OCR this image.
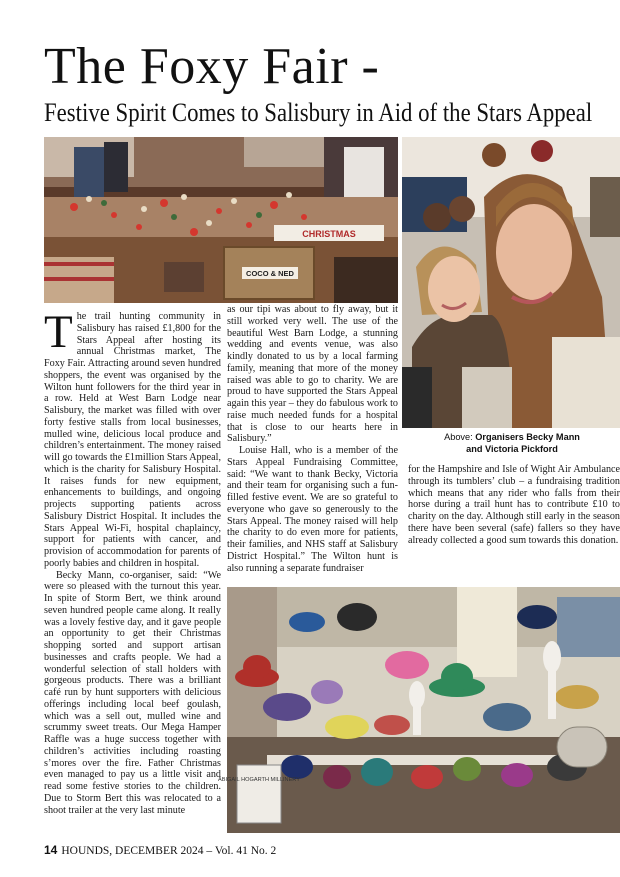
The Foxy Fair -
Festive Spirit Comes to Salisbury in Aid of the Stars Appeal
CHRISTMAS
COCO & NED
Above: Organisers Becky Mann
and Victoria Pickford

The trail hunting community in Salisbury has raised £1,800 for the Stars Appeal after hosting its annual Christmas market, The Foxy Fair. Attracting around seven hundred shoppers, the event was organised by the Wilton hunt followers for the third year in a row. Held at West Barn Lodge near Salisbury, the market was filled with over forty festive stalls from local businesses, mulled wine, delicious local produce and children’s entertainment. The money raised will go towards the £1million Stars Appeal, which is the charity for Salisbury Hospital. It raises funds for new equipment, enhancements to buildings, and ongoing projects supporting patients across Salisbury District Hospital. It includes the Stars Appeal Wi-Fi, hospital chaplaincy, support for patients with cancer, and provision of accommodation for parents of poorly babies and children in hospital.

Becky Mann, co-organiser, said: “We were so pleased with the turnout this year. In spite of Storm Bert, we think around seven hundred people came along. It really was a lovely festive day, and it gave people an opportunity to get their Christmas shopping sorted and support artisan businesses and crafts people. We had a wonderful selection of stall holders with gorgeous products. There was a brilliant café run by hunt supporters with delicious offerings including local beef goulash, which was a sell out, mulled wine and scrummy sweet treats. Our Mega Hamper Raffle was a huge success together with children’s activities including roasting s’mores over the fire. Father Christmas even managed to pay us a little visit and read some festive stories to the children. Due to Storm Bert this was relocated to a shoot trailer at the very last minute

as our tipi was about to fly away, but it still worked very well. The use of the beautiful West Barn Lodge, a stunning wedding and events venue, was also kindly donated to us by a local farming family, meaning that more of the money raised was able to go to charity. We are proud to have supported the Stars Appeal again this year – they do fabulous work to raise much needed funds for a hospital that is close to our hearts here in Salisbury.”

Louise Hall, who is a member of the Stars Appeal Fundraising Committee, said: “We want to thank Becky, Victoria and their team for organising such a fun-filled festive event. We are so grateful to everyone who gave so generously to the Stars Appeal. The money raised will help the charity to do even more for patients, their families, and NHS staff at Salisbury District Hospital.” The Wilton hunt is also running a separate fundraiser

for the Hampshire and Isle of Wight Air Ambulance through its tumblers’ club – a fundraising tradition which means that any rider who falls from their horse during a trail hunt has to contribute £10 to charity on the day. Although still early in the season there have been several (safe) fallers so they have already collected a good sum towards this donation.

ABIGAIL HOGARTH MILLINERY
14 HOUNDS, DECEMBER 2024 – Vol. 41 No. 2
